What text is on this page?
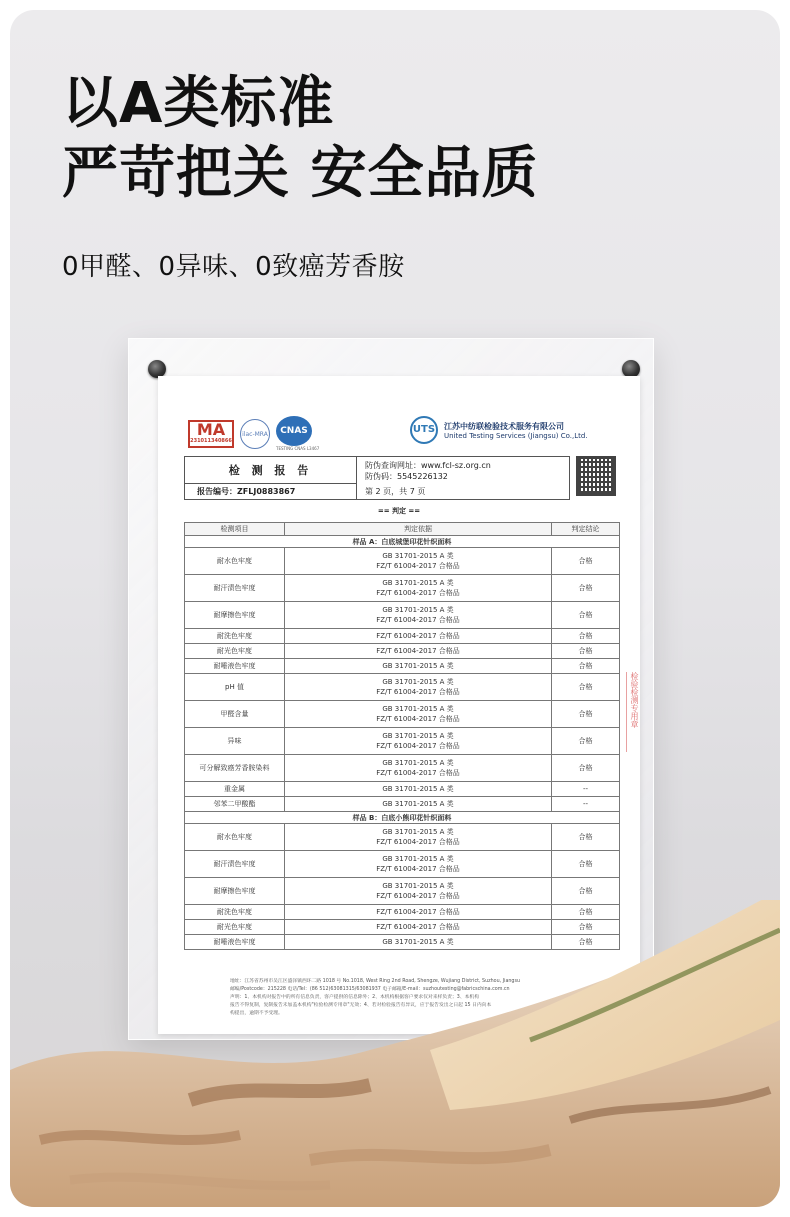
以A类标准
严苛把关 安全品质
0甲醛、0异味、0致癌芳香胺
MA
231011340866
ilac-MRA	CNAS
TESTING CNAS L3467
UTS	江苏中纺联检验技术服务有限公司
United Testing Services (Jiangsu) Co.,Ltd.
检 测 报 告
报告编号：ZFLJ0883867
防伪查询网址：www.fcl-sz.org.cn
防伪码：5545226132
第 2 页，共 7 页
== 判定 ==
检测项目	判定依据	判定结论
样品 A：白底城堡印花针织面料		
耐水色牢度	GB 31701-2015 A 类
FZ/T 61004-2017 合格品	合格
耐汗渍色牢度	GB 31701-2015 A 类
FZ/T 61004-2017 合格品	合格
耐摩擦色牢度	GB 31701-2015 A 类
FZ/T 61004-2017 合格品	合格
耐洗色牢度	FZ/T 61004-2017 合格品	合格
耐光色牢度	FZ/T 61004-2017 合格品	合格
耐唾液色牢度	GB 31701-2015 A 类	合格
pH 值	GB 31701-2015 A 类
FZ/T 61004-2017 合格品	合格
甲醛含量	GB 31701-2015 A 类
FZ/T 61004-2017 合格品	合格
异味	GB 31701-2015 A 类
FZ/T 61004-2017 合格品	合格
可分解致癌芳香胺染料	GB 31701-2015 A 类
FZ/T 61004-2017 合格品	合格
重金属	GB 31701-2015 A 类	--
邻苯二甲酸酯	GB 31701-2015 A 类	--
样品 B：白底小熊印花针织面料		
耐水色牢度	GB 31701-2015 A 类
FZ/T 61004-2017 合格品	合格
耐汗渍色牢度	GB 31701-2015 A 类
FZ/T 61004-2017 合格品	合格
耐摩擦色牢度	GB 31701-2015 A 类
FZ/T 61004-2017 合格品	合格
耐洗色牢度	FZ/T 61004-2017 合格品	合格
耐光色牢度	FZ/T 61004-2017 合格品	合格
耐唾液色牢度	GB 31701-2015 A 类	合格
检验检测专用章
地址：江苏省苏州市吴江区盛泽镇西环二路 1018 号 No.1018, West Ring 2nd Road, Shengze, Wujiang District, Suzhou, Jiangsu
邮编/Postcode：215228 电话/Tel：(86 512)63081315/63081937 电子邮箱/E-mail：suzhoutesting@fabricschina.com.cn
声明：1、本机构对报告中的所有信息负责，客户提供的信息除外；2、本机构根据客户要求仅对来样负责；3、本机构
报告不得复制，复制报告未加盖本机构"检验检测专用章"无效；4、若对检验报告有异议，应于报告发出之日起 15 日内向本
构提出，逾期不予受理。
